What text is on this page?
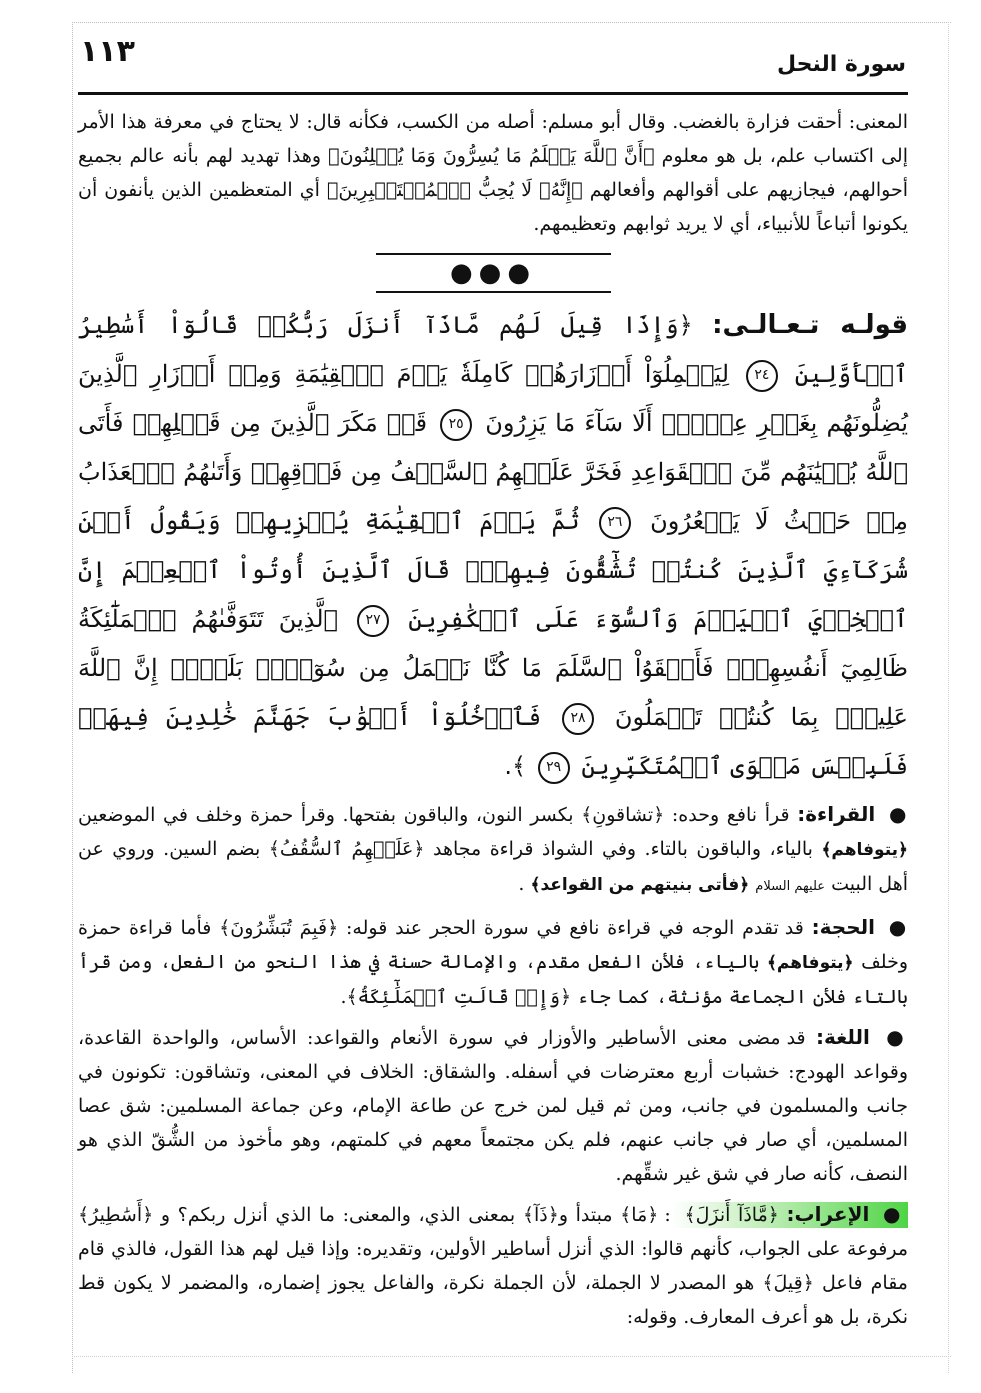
سورة النحل
١١٣

المعنى: أحقت فزارة بالغضب. وقال أبو مسلم: أصله من الكسب، فكأنه قال: لا يحتاج في معرفة هذا الأمر إلى اكتساب علم، بل هو معلوم ﴿أَنَّ ٱللَّهَ يَعۡلَمُ مَا يُسِرُّونَ وَمَا يُعۡلِنُونَ﴾ وهذا تهديد لهم بأنه عالم بجميع أحوالهم، فيجازيهم على أقوالهم وأفعالهم ﴿إِنَّهُۥ لَا يُحِبُّ ٱلۡمُسۡتَكۡبِرِينَ﴾ أي المتعظمين الذين يأنفون أن يكونوا أتباعاً للأنبياء، أي لا يريد ثوابهم وتعظيمهم.

●●●
قولـه تـعـالـى: ﴿وَإِذَا قِيلَ لَهُم مَّاذَآ أَنزَلَ رَبُّكُمۡ قَالُوٓاْ أَسَٰطِيرُ ٱلۡأَوَّلِينَ ٢٤ لِيَحۡمِلُوٓاْ أَوۡزَارَهُمۡ كَامِلَةٗ يَوۡمَ ٱلۡقِيَٰمَةِ وَمِنۡ أَوۡزَارِ ٱلَّذِينَ يُضِلُّونَهُم بِغَيۡرِ عِلۡمٍۗ أَلَا سَآءَ مَا يَزِرُونَ ٢٥ قَدۡ مَكَرَ ٱلَّذِينَ مِن قَبۡلِهِمۡ فَأَتَى ٱللَّهُ بُنۡيَٰنَهُم مِّنَ ٱلۡقَوَاعِدِ فَخَرَّ عَلَيۡهِمُ ٱلسَّقۡفُ مِن فَوۡقِهِمۡ وَأَتَىٰهُمُ ٱلۡعَذَابُ مِنۡ حَيۡثُ لَا يَشۡعُرُونَ ٢٦ ثُمَّ يَوۡمَ ٱلۡقِيَٰمَةِ يُخۡزِيهِمۡ وَيَقُولُ أَيۡنَ شُرَكَآءِيَ ٱلَّذِينَ كُنتُمۡ تُشَٰٓقُّونَ فِيهِمۡۚ قَالَ ٱلَّذِينَ أُوتُواْ ٱلۡعِلۡمَ إِنَّ ٱلۡخِزۡيَ ٱلۡيَوۡمَ وَٱلسُّوٓءَ عَلَى ٱلۡكَٰفِرِينَ ٢٧ ٱلَّذِينَ تَتَوَفَّىٰهُمُ ٱلۡمَلَٰٓئِكَةُ ظَالِمِيٓ أَنفُسِهِمۡۖ فَأَلۡقَوُاْ ٱلسَّلَمَ مَا كُنَّا نَعۡمَلُ مِن سُوٓءِۭۚ بَلَىٰٓۚ إِنَّ ٱللَّهَ عَلِيمُۢ بِمَا كُنتُمۡ تَعۡمَلُونَ ٢٨ فَٱدۡخُلُوٓاْ أَبۡوَٰبَ جَهَنَّمَ خَٰلِدِينَ فِيهَاۖ فَلَبِئۡسَ مَثۡوَى ٱلۡمُتَكَبِّرِينَ ٢٩ ﴾.
● القراءة: قرأ نافع وحده: ﴿تشاقونِ﴾ بكسر النون، والباقون بفتحها. وقرأ حمزة وخلف في الموضعين ﴿يتوفاهم﴾ بالياء، والباقون بالتاء. وفي الشواذ قراءة مجاهد ﴿عَلَيۡهِمُ ٱلسُّقُفُ﴾ بضم السين. وروي عن أهل البيت عليهم السلام ﴿فأتى بنيتهم من القواعد﴾ .
● الحجة: قد تقدم الوجه في قراءة نافع في سورة الحجر عند قوله: ﴿فَبِمَ تُبَشِّرُونَ﴾ فأما قراءة حمزة وخلف ﴿يتوفاهم﴾ بالياء، فلأن الفعل مقدم، والإمالة حسنة في هذا النحو من الفعل، ومن قرأ بالتاء فلأن الجماعة مؤنثة، كما جاء ﴿وَإِذۡ قَالَتِ ٱلۡمَلَٰٓئِكَةُ﴾.
● اللغة: قد مضى معنى الأساطير والأوزار في سورة الأنعام والقواعد: الأساس، والواحدة القاعدة، وقواعد الهودج: خشبات أربع معترضات في أسفله. والشقاق: الخلاف في المعنى، وتشاقون: تكونون في جانب والمسلمون في جانب، ومن ثم قيل لمن خرج عن طاعة الإمام، وعن جماعة المسلمين: شق عصا المسلمين، أي صار في جانب عنهم، فلم يكن مجتمعاً معهم في كلمتهم، وهو مأخوذ من الشُّقّ الذي هو النصف، كأنه صار في شق غير شقِّهم.
● الإعراب: ﴿مَّاذَآ أَنزَلَ﴾ : ﴿مَا﴾ مبتدأ و﴿ذَآ﴾ بمعنى الذي، والمعنى: ما الذي أنزل ربكم؟ و ﴿أَسَٰطِيرُ﴾ مرفوعة على الجواب، كأنهم قالوا: الذي أنزل أساطير الأولين، وتقديره: وإذا قيل لهم هذا القول، فالذي قام مقام فاعل ﴿قِيلَ﴾ هو المصدر لا الجملة، لأن الجملة نكرة، والفاعل يجوز إضماره، والمضمر لا يكون قط نكرة، بل هو أعرف المعارف. وقوله:
